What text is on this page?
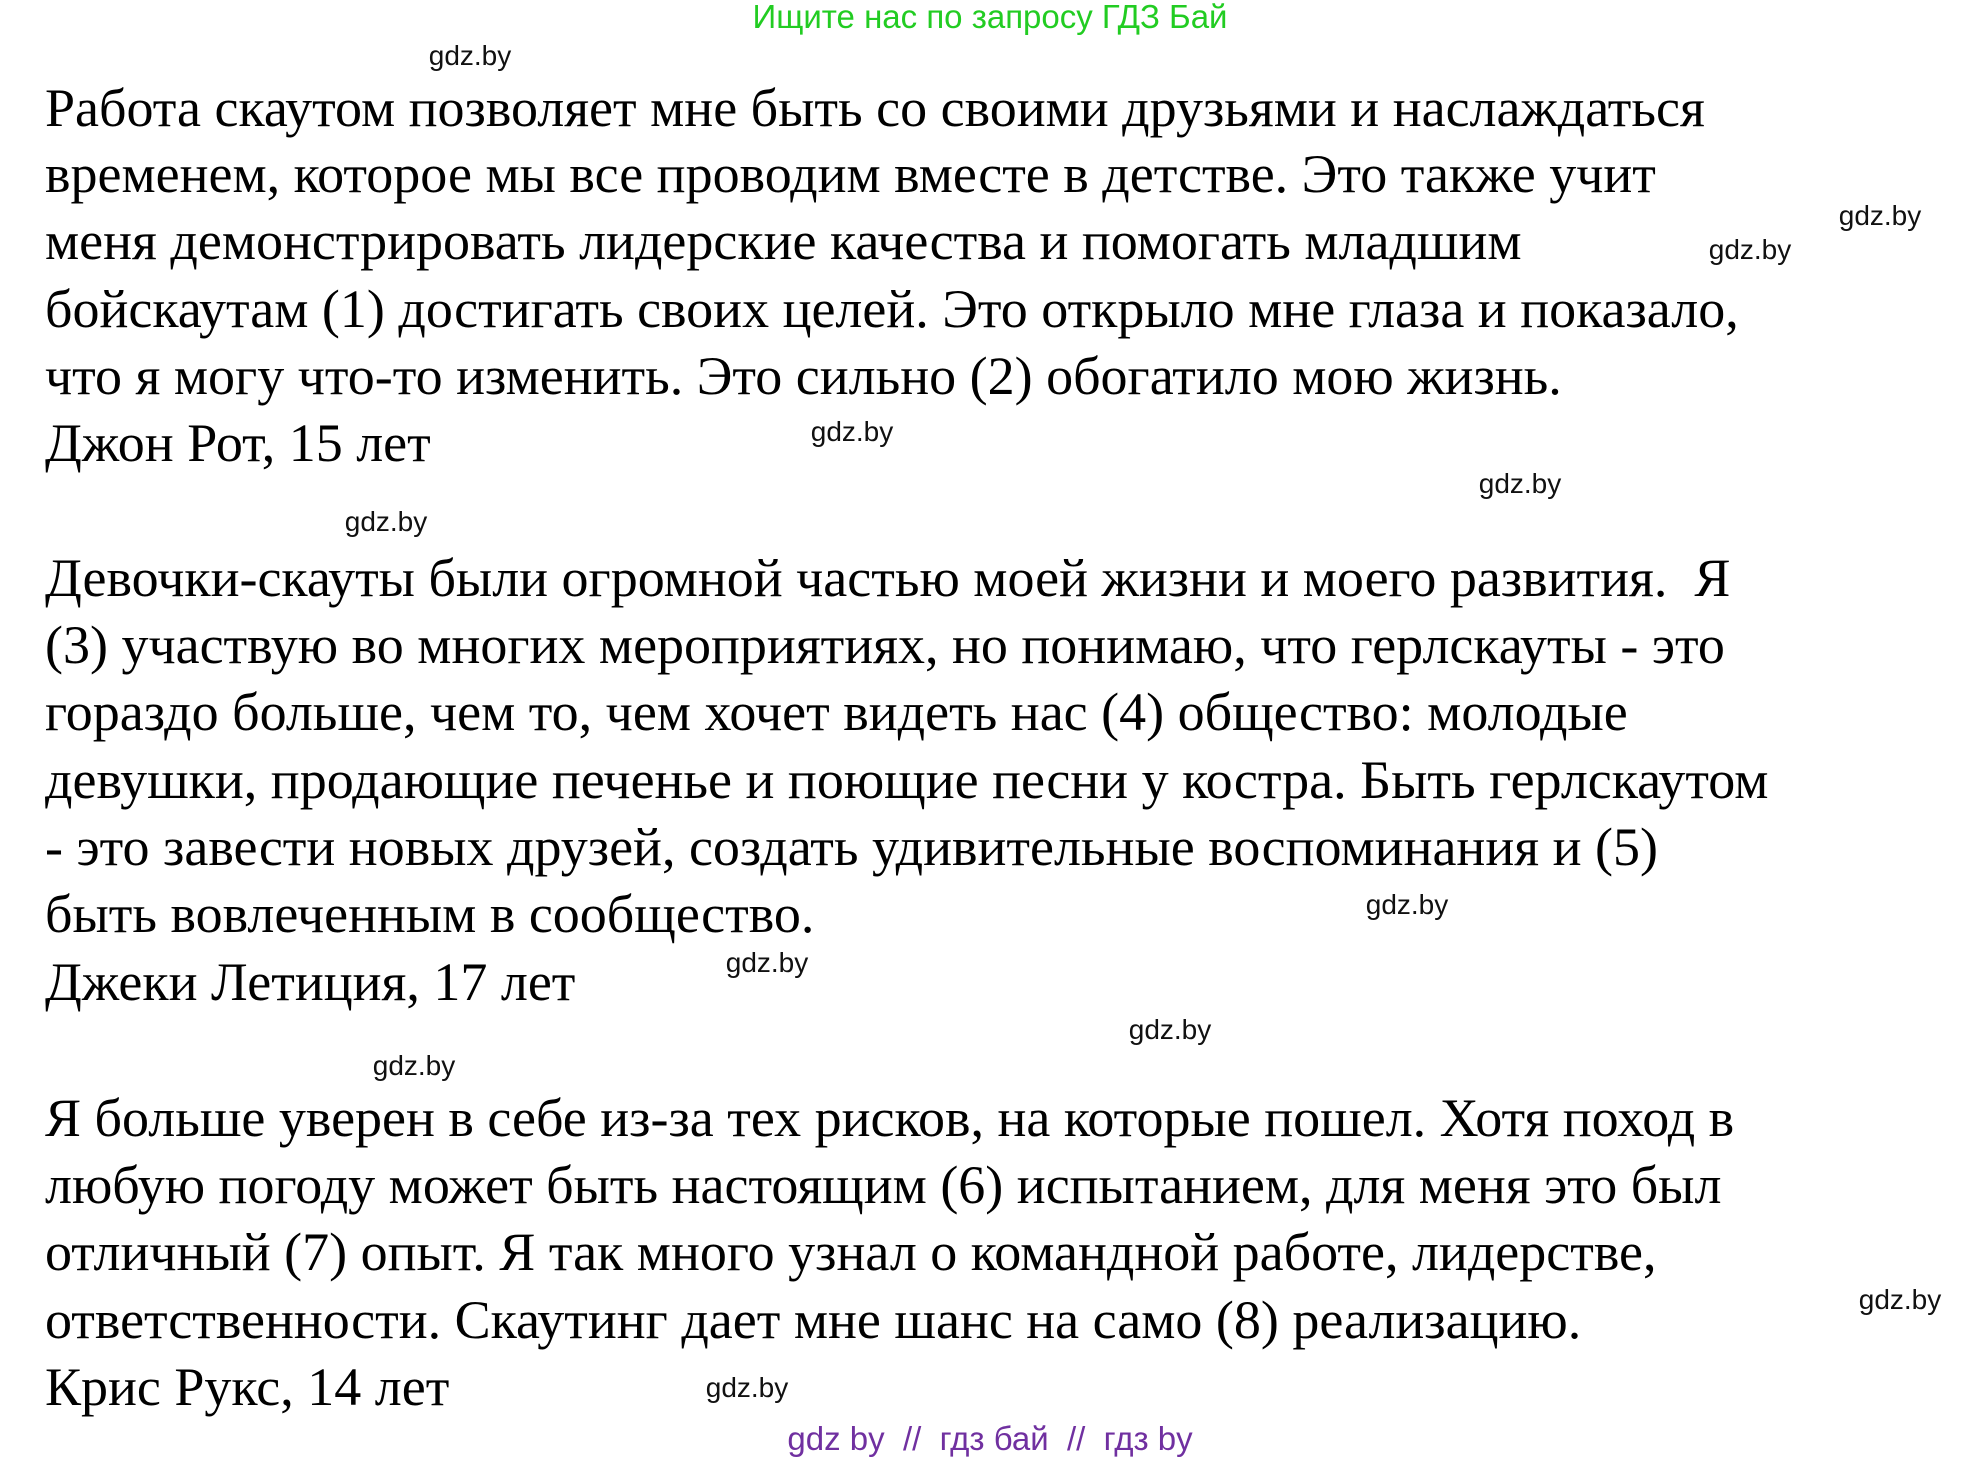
Ищите нас по запросу ГДЗ Бай
Работа скаутом позволяет мне быть со своими друзьями и наслаждаться
временем, которое мы все проводим вместе в детстве. Это также учит
меня демонстрировать лидерские качества и помогать младшим
бойскаутам (1) достигать своих целей. Это открыло мне глаза и показало,
что я могу что-то изменить. Это сильно (2) обогатило мою жизнь.
Джон Рот, 15 лет
Девочки-скауты были огромной частью моей жизни и моего развития.  Я
(3) участвую во многих мероприятиях, но понимаю, что герлскауты - это
гораздо больше, чем то, чем хочет видеть нас (4) общество: молодые
девушки, продающие печенье и поющие песни у костра. Быть герлскаутом
- это завести новых друзей, создать удивительные воспоминания и (5)
быть вовлеченным в сообщество.
Джеки Летиция, 17 лет
Я больше уверен в себе из-за тех рисков, на которые пошел. Хотя поход в
любую погоду может быть настоящим (6) испытанием, для меня это был
отличный (7) опыт. Я так много узнал о командной работе, лидерстве,
ответственности. Скаутинг дает мне шанс на само (8) реализацию.
Крис Рукс, 14 лет
gdz.by
gdz.by
gdz.by
gdz.by
gdz.by
gdz.by
gdz.by
gdz.by
gdz.by
gdz.by
gdz.by
gdz.by
gdz by  //  гдз бай  //  гдз by
